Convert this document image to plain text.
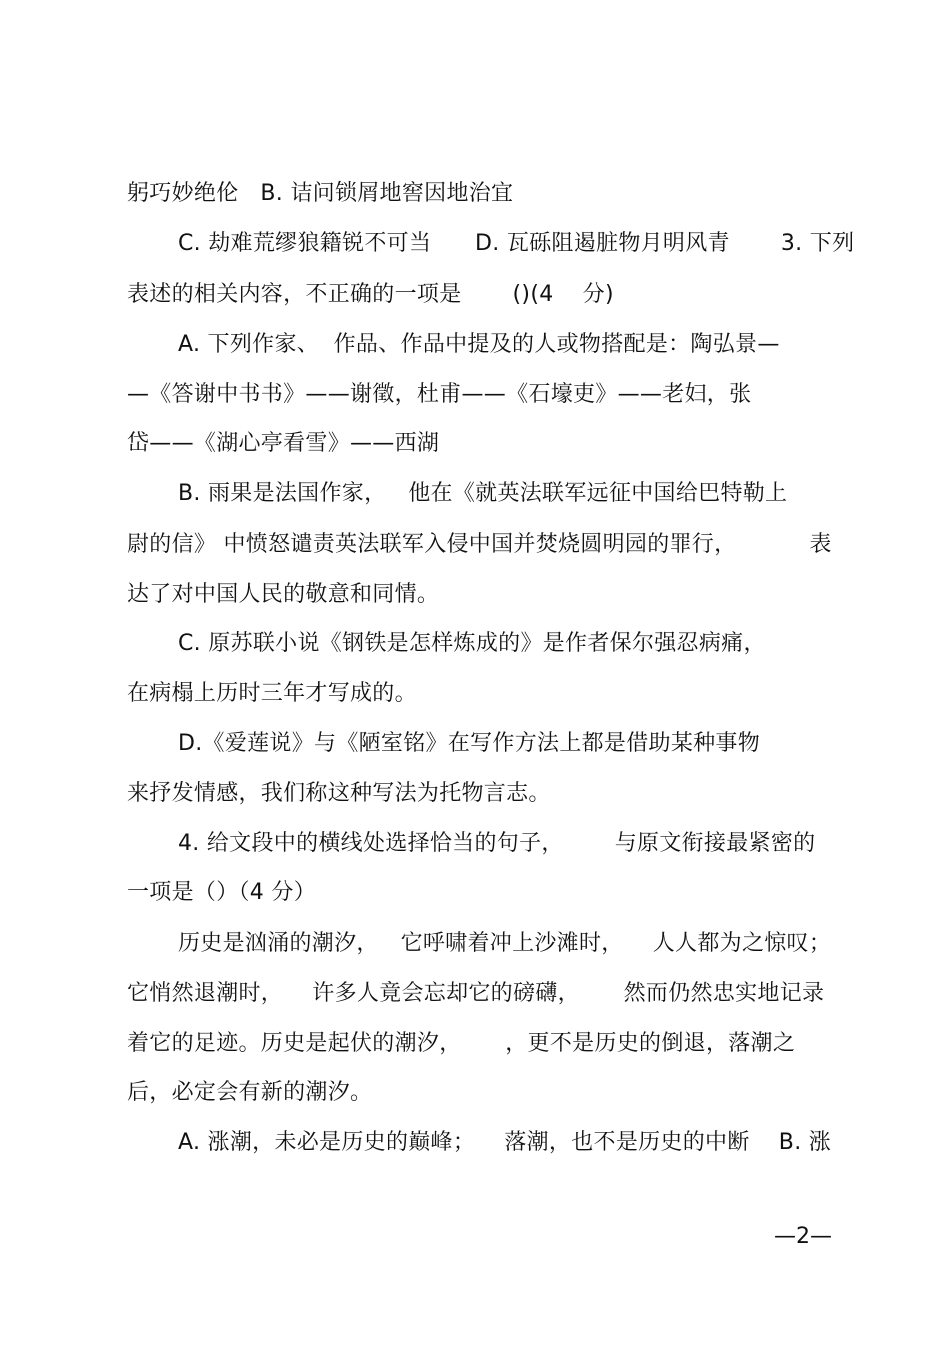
躬巧妙绝伦   B. 诘问锁屑地窖因地治宜
C. 劫难荒缪狼籍锐不可当      D. 瓦砾阻遏脏物月明风青       3. 下列
表述的相关内容，不正确的一项是       ()(4    分)
A. 下列作家、  作品、作品中提及的人或物搭配是：陶弘景—
—《答谢中书书》——谢徵，杜甫——《石壕吏》——老妇，张
岱——《湖心亭看雪》——西湖
B. 雨果是法国作家，   他在《就英法联军远征中国给巴特勒上
尉的信》 中愤怒谴责英法联军入侵中国并焚烧圆明园的罪行，          表
达了对中国人民的敬意和同情。
C. 原苏联小说《钢铁是怎样炼成的》是作者保尔强忍病痛，
在病榻上历时三年才写成的。
D.《爱莲说》与《陋室铭》在写作方法上都是借助某种事物
来抒发情感，我们称这种写法为托物言志。
4. 给文段中的横线处选择恰当的句子，       与原文衔接最紧密的
一项是（）（4 分）
历史是汹涌的潮汐，   它呼啸着冲上沙滩时，    人人都为之惊叹；
它悄然退潮时，    许多人竟会忘却它的磅礴，      然而仍然忠实地记录
着它的足迹。历史是起伏的潮汐，      ，更不是历史的倒退，落潮之
后，必定会有新的潮汐。
A. 涨潮，未必是历史的巅峰；    落潮，也不是历史的中断    B. 涨
—2—
